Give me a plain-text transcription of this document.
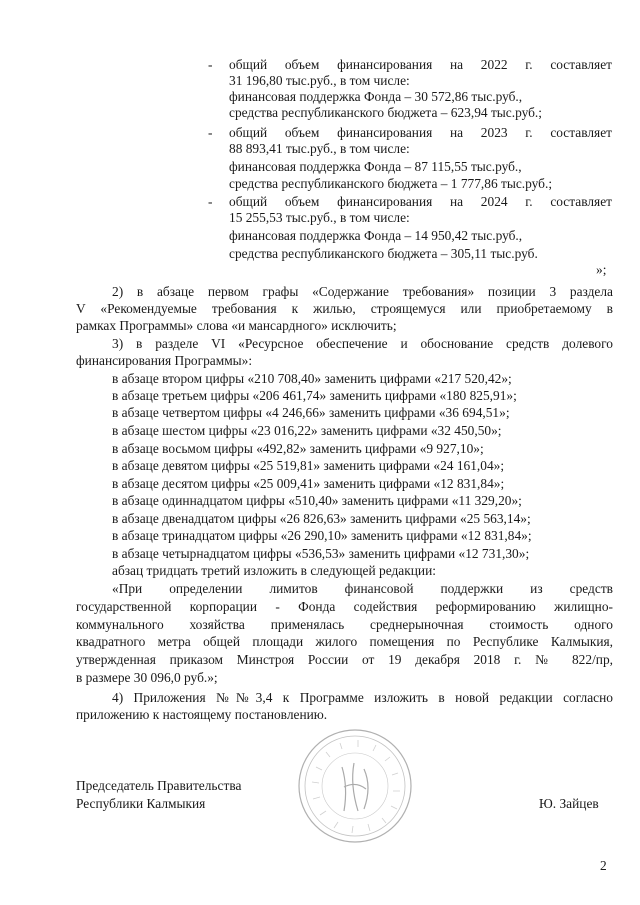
- общий объем финансирования на 2022 г. составляет
31 196,80 тыс.руб., в том числе:
финансовая поддержка Фонда – 30 572,86 тыс.руб.,
средства республиканского бюджета – 623,94 тыс.руб.;
- общий объем финансирования на 2023 г. составляет
88 893,41 тыс.руб., в том числе:
финансовая поддержка Фонда – 87 115,55 тыс.руб.,
средства республиканского бюджета – 1 777,86 тыс.руб.;
- общий объем финансирования на 2024 г. составляет
15 255,53 тыс.руб., в том числе:
финансовая поддержка Фонда – 14 950,42 тыс.руб.,
средства республиканского бюджета – 305,11 тыс.руб.
»;
2) в абзаце первом графы «Содержание требования» позиции 3 раздела
V «Рекомендуемые требования к жилью, строящемуся или приобретаемому в
рамках Программы» слова «и мансардного» исключить;
3) в разделе VI «Ресурсное обеспечение и обоснование средств долевого
финансирования Программы»:
в абзаце втором цифры «210 708,40» заменить цифрами «217 520,42»;
в абзаце третьем цифры «206 461,74» заменить цифрами «180 825,91»;
в абзаце четвертом цифры «4 246,66» заменить цифрами «36 694,51»;
в абзаце шестом цифры «23 016,22» заменить цифрами «32 450,50»;
в абзаце восьмом цифры «492,82» заменить цифрами «9 927,10»;
в абзаце девятом цифры «25 519,81» заменить цифрами «24 161,04»;
в абзаце десятом цифры «25 009,41» заменить цифрами «12 831,84»;
в абзаце одиннадцатом цифры «510,40» заменить цифрами «11 329,20»;
в абзаце двенадцатом цифры «26 826,63» заменить цифрами «25 563,14»;
в абзаце тринадцатом цифры «26 290,10» заменить цифрами «12 831,84»;
в абзаце четырнадцатом цифры «536,53» заменить цифрами «12 731,30»;
абзац тридцать третий изложить в следующей редакции:
«При определении лимитов финансовой поддержки из средств
государственной корпорации - Фонда содействия реформированию жилищно-
коммунального хозяйства применялась среднерыночная стоимость одного
квадратного метра общей площади жилого помещения по Республике Калмыкия,
утвержденная приказом Минстроя России от 19 декабря 2018 г. № 822/пр,
в размере 30 096,0 руб.»;
4) Приложения №№3,4 к Программе изложить в новой редакции согласно
приложению к настоящему постановлению.
Председатель Правительства
Республики Калмыкия	Ю. Зайцев
2
